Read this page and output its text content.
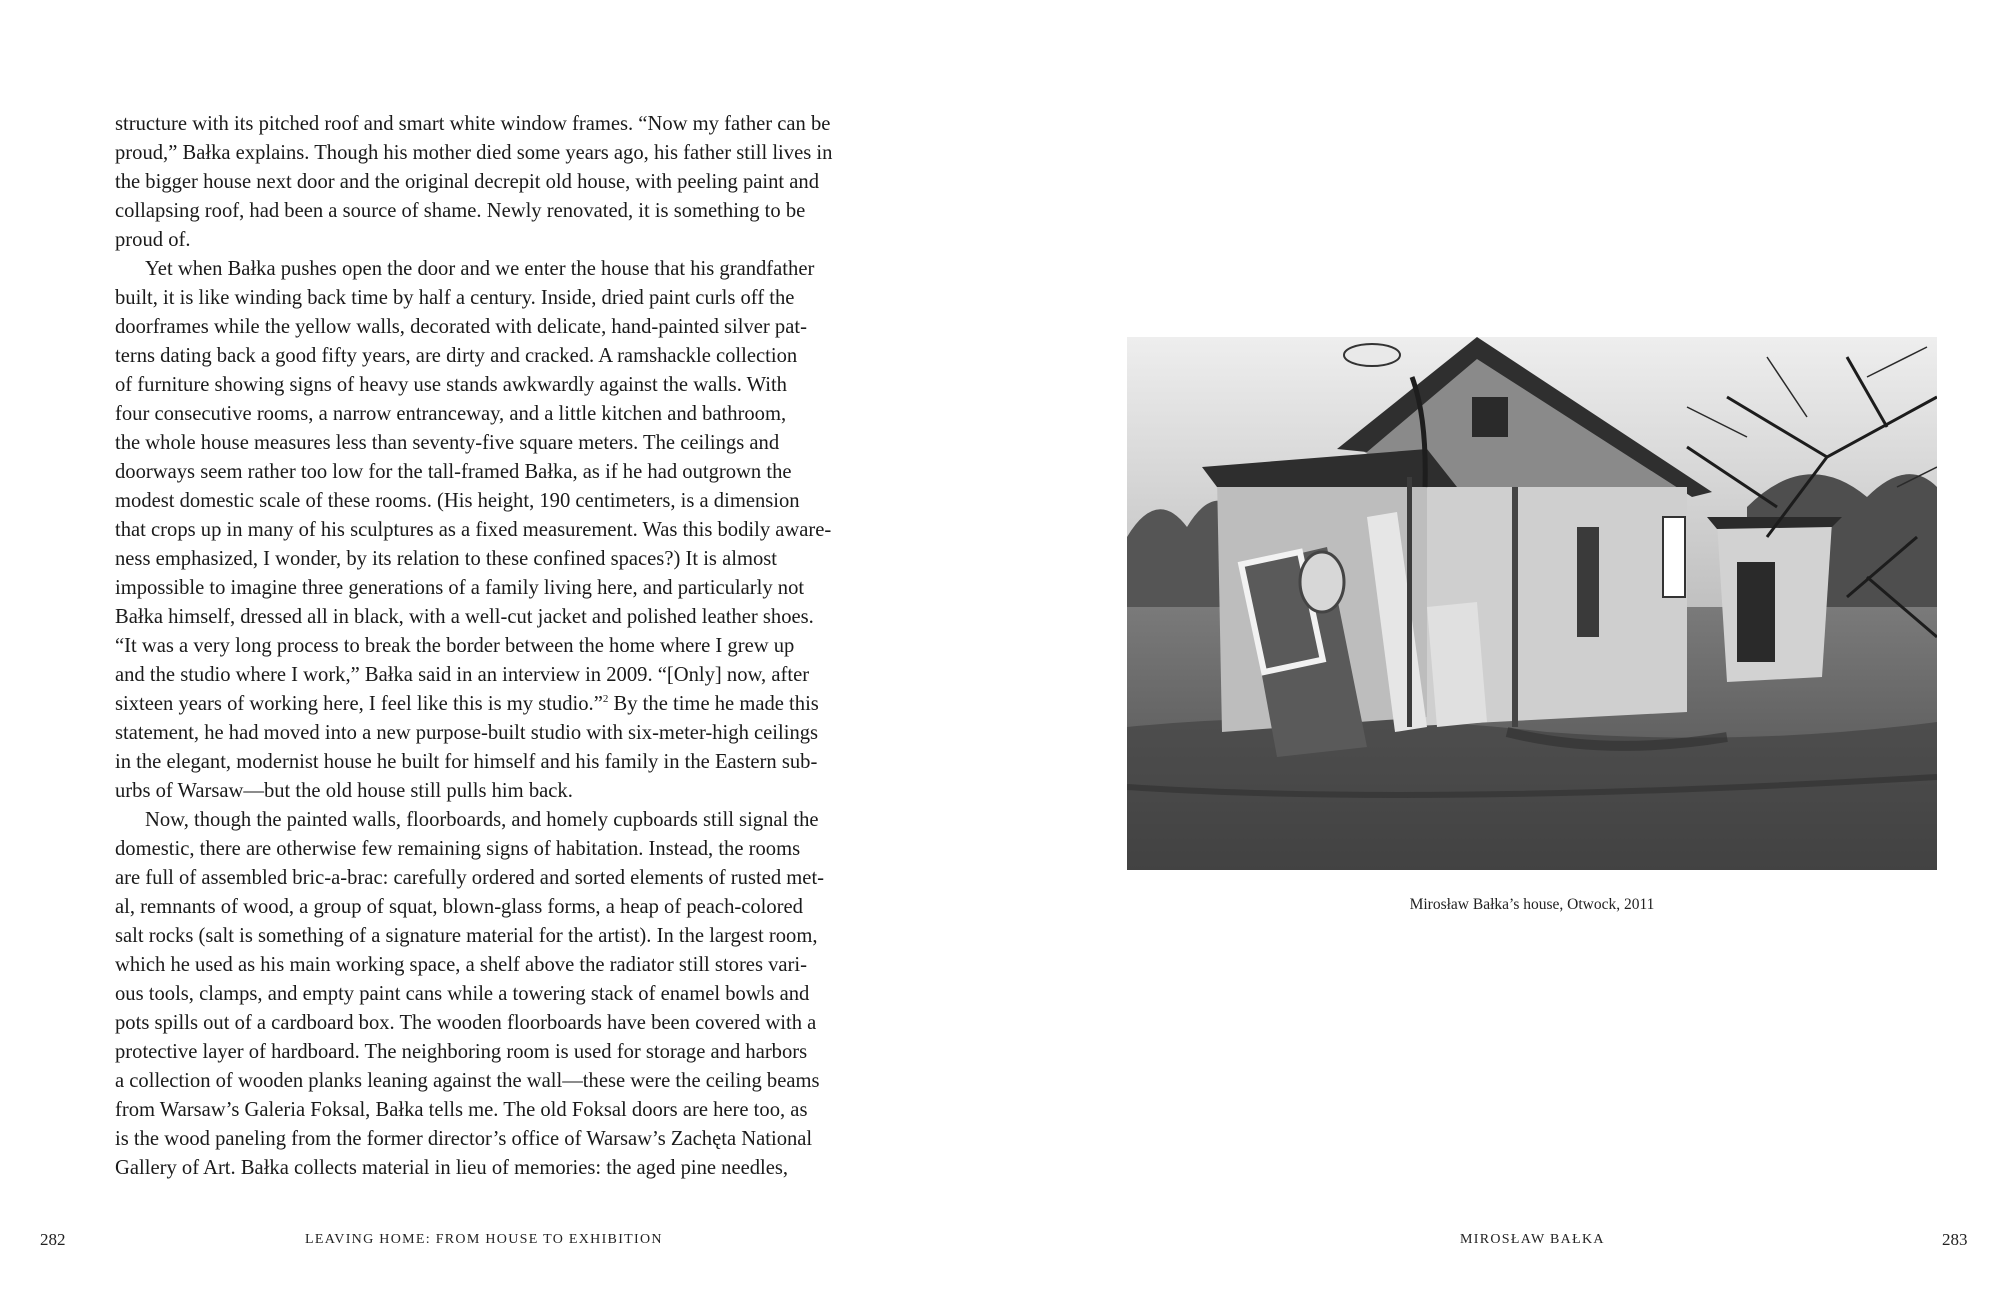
structure with its pitched roof and smart white window frames. “Now my father can be
proud,” Bałka explains. Though his mother died some years ago, his father still lives in
the bigger house next door and the original decrepit old house, with peeling paint and
collapsing roof, had been a source of shame. Newly renovated, it is something to be
proud of.
Yet when Bałka pushes open the door and we enter the house that his grandfather
built, it is like winding back time by half a century. Inside, dried paint curls off the
doorframes while the yellow walls, decorated with delicate, hand-painted silver pat-
terns dating back a good fifty years, are dirty and cracked. A ramshackle collection
of furniture showing signs of heavy use stands awkwardly against the walls. With
four consecutive rooms, a narrow entranceway, and a little kitchen and bathroom,
the whole house measures less than seventy-five square meters. The ceilings and
doorways seem rather too low for the tall-framed Bałka, as if he had outgrown the
modest domestic scale of these rooms. (His height, 190 centimeters, is a dimension
that crops up in many of his sculptures as a fixed measurement. Was this bodily aware-
ness emphasized, I wonder, by its relation to these confined spaces?) It is almost
impossible to imagine three generations of a family living here, and particularly not
Bałka himself, dressed all in black, with a well-cut jacket and polished leather shoes.
“It was a very long process to break the border between the home where I grew up
and the studio where I work,” Bałka said in an interview in 2009. “[Only] now, after
sixteen years of working here, I feel like this is my studio.”$^2$ By the time he made this
statement, he had moved into a new purpose-built studio with six-meter-high ceilings
in the elegant, modernist house he built for himself and his family in the Eastern sub-
urbs of Warsaw—but the old house still pulls him back.
Now, though the painted walls, floorboards, and homely cupboards still signal the
domestic, there are otherwise few remaining signs of habitation. Instead, the rooms
are full of assembled bric-a-brac: carefully ordered and sorted elements of rusted met-
al, remnants of wood, a group of squat, blown-glass forms, a heap of peach-colored
salt rocks (salt is something of a signature material for the artist). In the largest room,
which he used as his main working space, a shelf above the radiator still stores vari-
ous tools, clamps, and empty paint cans while a towering stack of enamel bowls and
pots spills out of a cardboard box. The wooden floorboards have been covered with a
protective layer of hardboard. The neighboring room is used for storage and harbors
a collection of wooden planks leaning against the wall—these were the ceiling beams
from Warsaw’s Galeria Foksal, Bałka tells me. The old Foksal doors are here too, as
is the wood paneling from the former director’s office of Warsaw’s Zachęta National
Gallery of Art. Bałka collects material in lieu of memories: the aged pine needles,
282	LEAVING HOME: FROM HOUSE TO EXHIBITION	MIROSŁAW BAŁKA	283
Mirosław Bałka’s house, Otwock, 2011
